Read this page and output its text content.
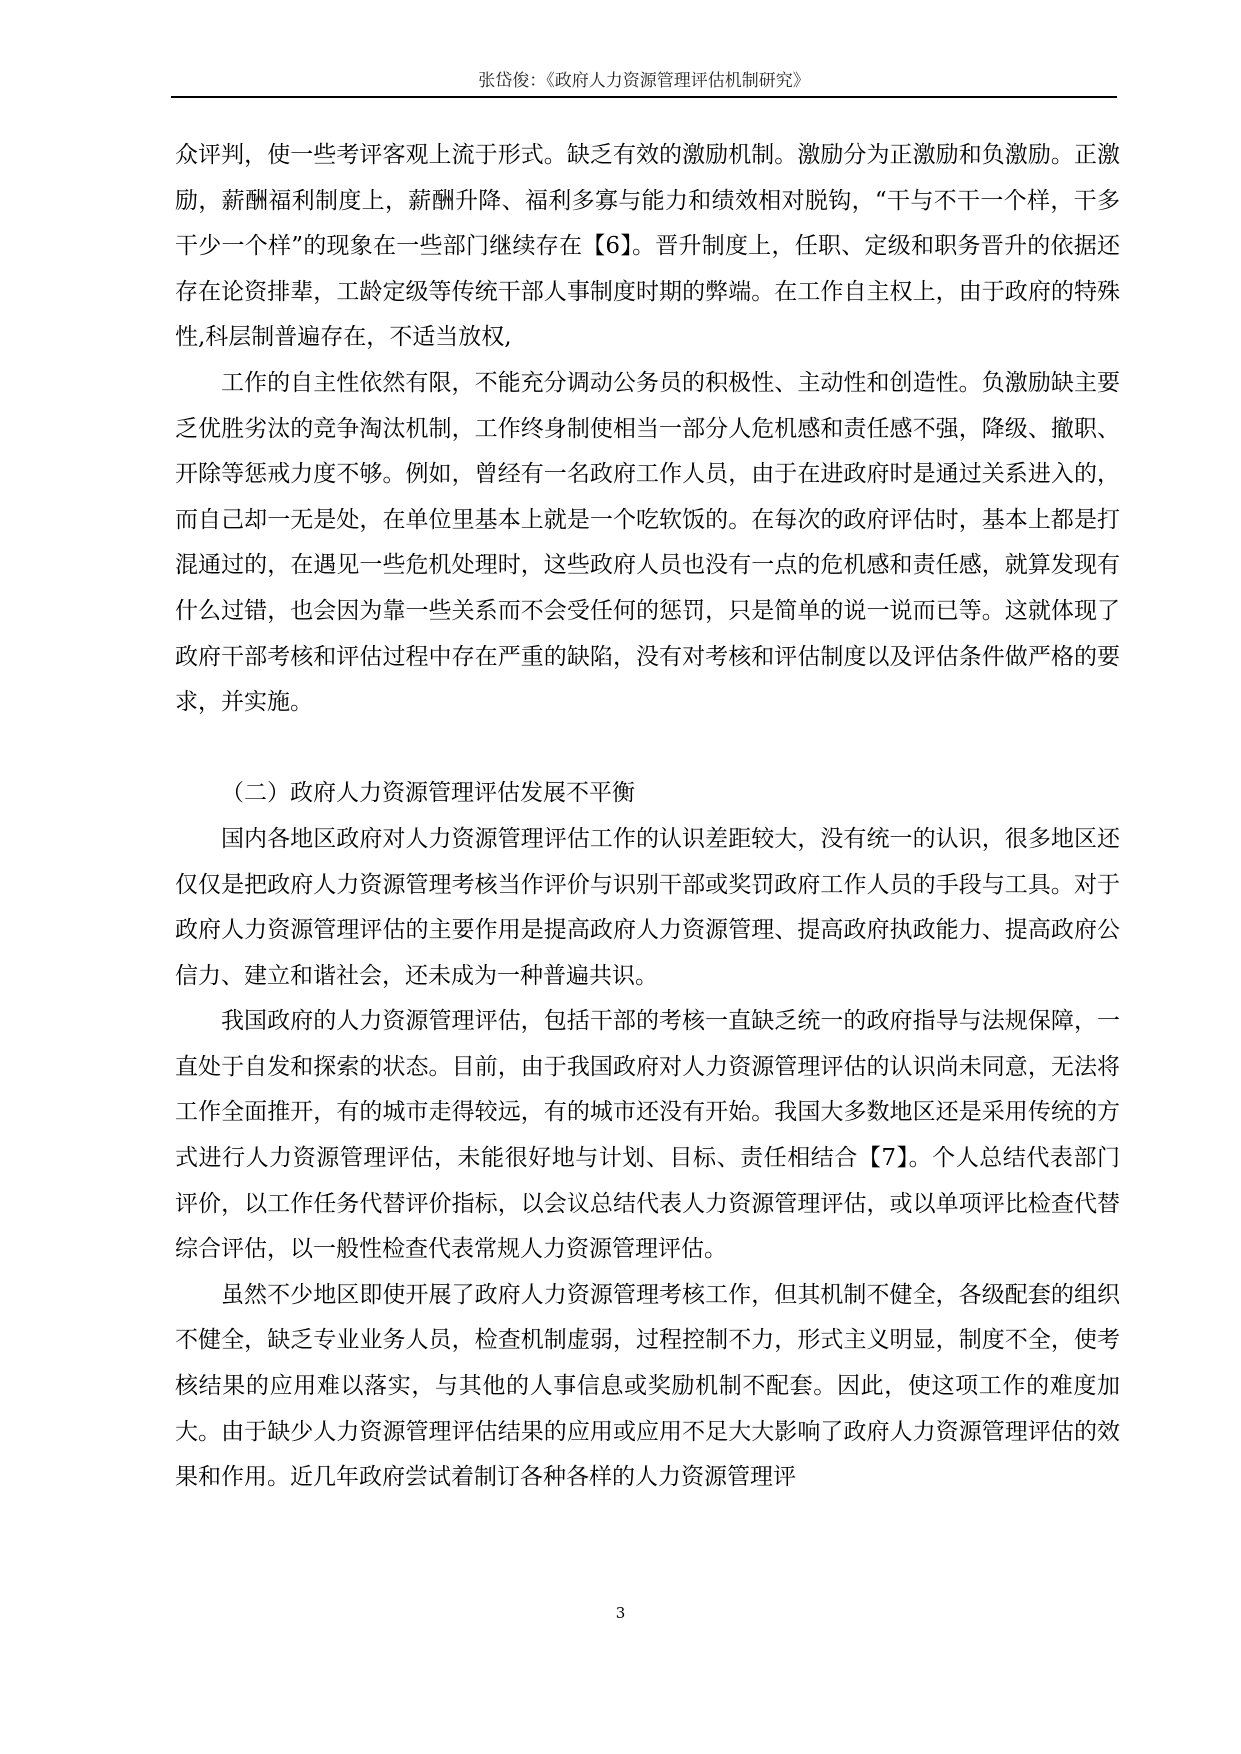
张岱俊：《政府人力资源管理评估机制研究》

众评判，使一些考评客观上流于形式。缺乏有效的激励机制。激励分为正激励和负激励。正激励，薪酬福利制度上，薪酬升降、福利多寡与能力和绩效相对脱钩，“干与不干一个样，干多干少一个样”的现象在一些部门继续存在【6】。晋升制度上，任职、定级和职务晋升的依据还存在论资排辈，工龄定级等传统干部人事制度时期的弊端。在工作自主权上，由于政府的特殊性,科层制普遍存在，不适当放权,

工作的自主性依然有限，不能充分调动公务员的积极性、主动性和创造性。负激励缺主要乏优胜劣汰的竞争淘汰机制，工作终身制使相当一部分人危机感和责任感不强，降级、撤职、开除等惩戒力度不够。例如，曾经有一名政府工作人员，由于在进政府时是通过关系进入的，而自己却一无是处，在单位里基本上就是一个吃软饭的。在每次的政府评估时，基本上都是打混通过的，在遇见一些危机处理时，这些政府人员也没有一点的危机感和责任感，就算发现有什么过错，也会因为靠一些关系而不会受任何的惩罚，只是简单的说一说而已等。这就体现了政府干部考核和评估过程中存在严重的缺陷，没有对考核和评估制度以及评估条件做严格的要求，并实施。

（二）政府人力资源管理评估发展不平衡

国内各地区政府对人力资源管理评估工作的认识差距较大，没有统一的认识，很多地区还仅仅是把政府人力资源管理考核当作评价与识别干部或奖罚政府工作人员的手段与工具。对于政府人力资源管理评估的主要作用是提高政府人力资源管理、提高政府执政能力、提高政府公信力、建立和谐社会，还未成为一种普遍共识。

我国政府的人力资源管理评估，包括干部的考核一直缺乏统一的政府指导与法规保障，一直处于自发和探索的状态。目前，由于我国政府对人力资源管理评估的认识尚未同意，无法将工作全面推开，有的城市走得较远，有的城市还没有开始。我国大多数地区还是采用传统的方式进行人力资源管理评估，未能很好地与计划、目标、责任相结合【7】。个人总结代表部门评价，以工作任务代替评价指标，以会议总结代表人力资源管理评估，或以单项评比检查代替综合评估，以一般性检查代表常规人力资源管理评估。

虽然不少地区即使开展了政府人力资源管理考核工作，但其机制不健全，各级配套的组织不健全，缺乏专业业务人员，检查机制虚弱，过程控制不力，形式主义明显，制度不全，使考核结果的应用难以落实，与其他的人事信息或奖励机制不配套。因此，使这项工作的难度加大。由于缺少人力资源管理评估结果的应用或应用不足大大影响了政府人力资源管理评估的效果和作用。近几年政府尝试着制订各种各样的人力资源管理评

3
